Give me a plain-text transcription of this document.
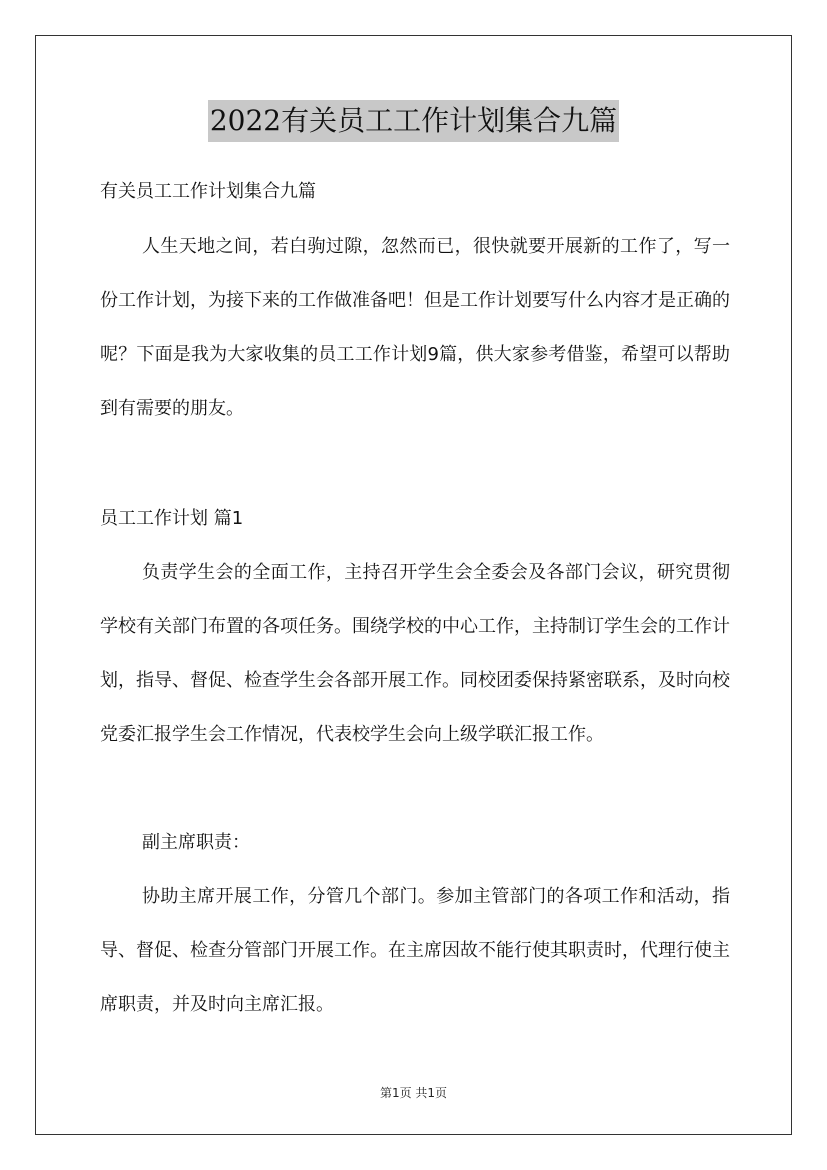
2022有关员工工作计划集合九篇

有关员工工作计划集合九篇

人生天地之间，若白驹过隙，忽然而已，很快就要开展新的工作了，写一份工作计划，为接下来的工作做准备吧！但是工作计划要写什么内容才是正确的呢？下面是我为大家收集的员工工作计划9篇，供大家参考借鉴，希望可以帮助到有需要的朋友。

员工工作计划 篇1

负责学生会的全面工作，主持召开学生会全委会及各部门会议，研究贯彻学校有关部门布置的各项任务。围绕学校的中心工作，主持制订学生会的工作计划，指导、督促、检查学生会各部开展工作。同校团委保持紧密联系，及时向校党委汇报学生会工作情况，代表校学生会向上级学联汇报工作。

副主席职责：

协助主席开展工作，分管几个部门。参加主管部门的各项工作和活动，指导、督促、检查分管部门开展工作。在主席因故不能行使其职责时，代理行使主席职责，并及时向主席汇报。

第1页 共1页
